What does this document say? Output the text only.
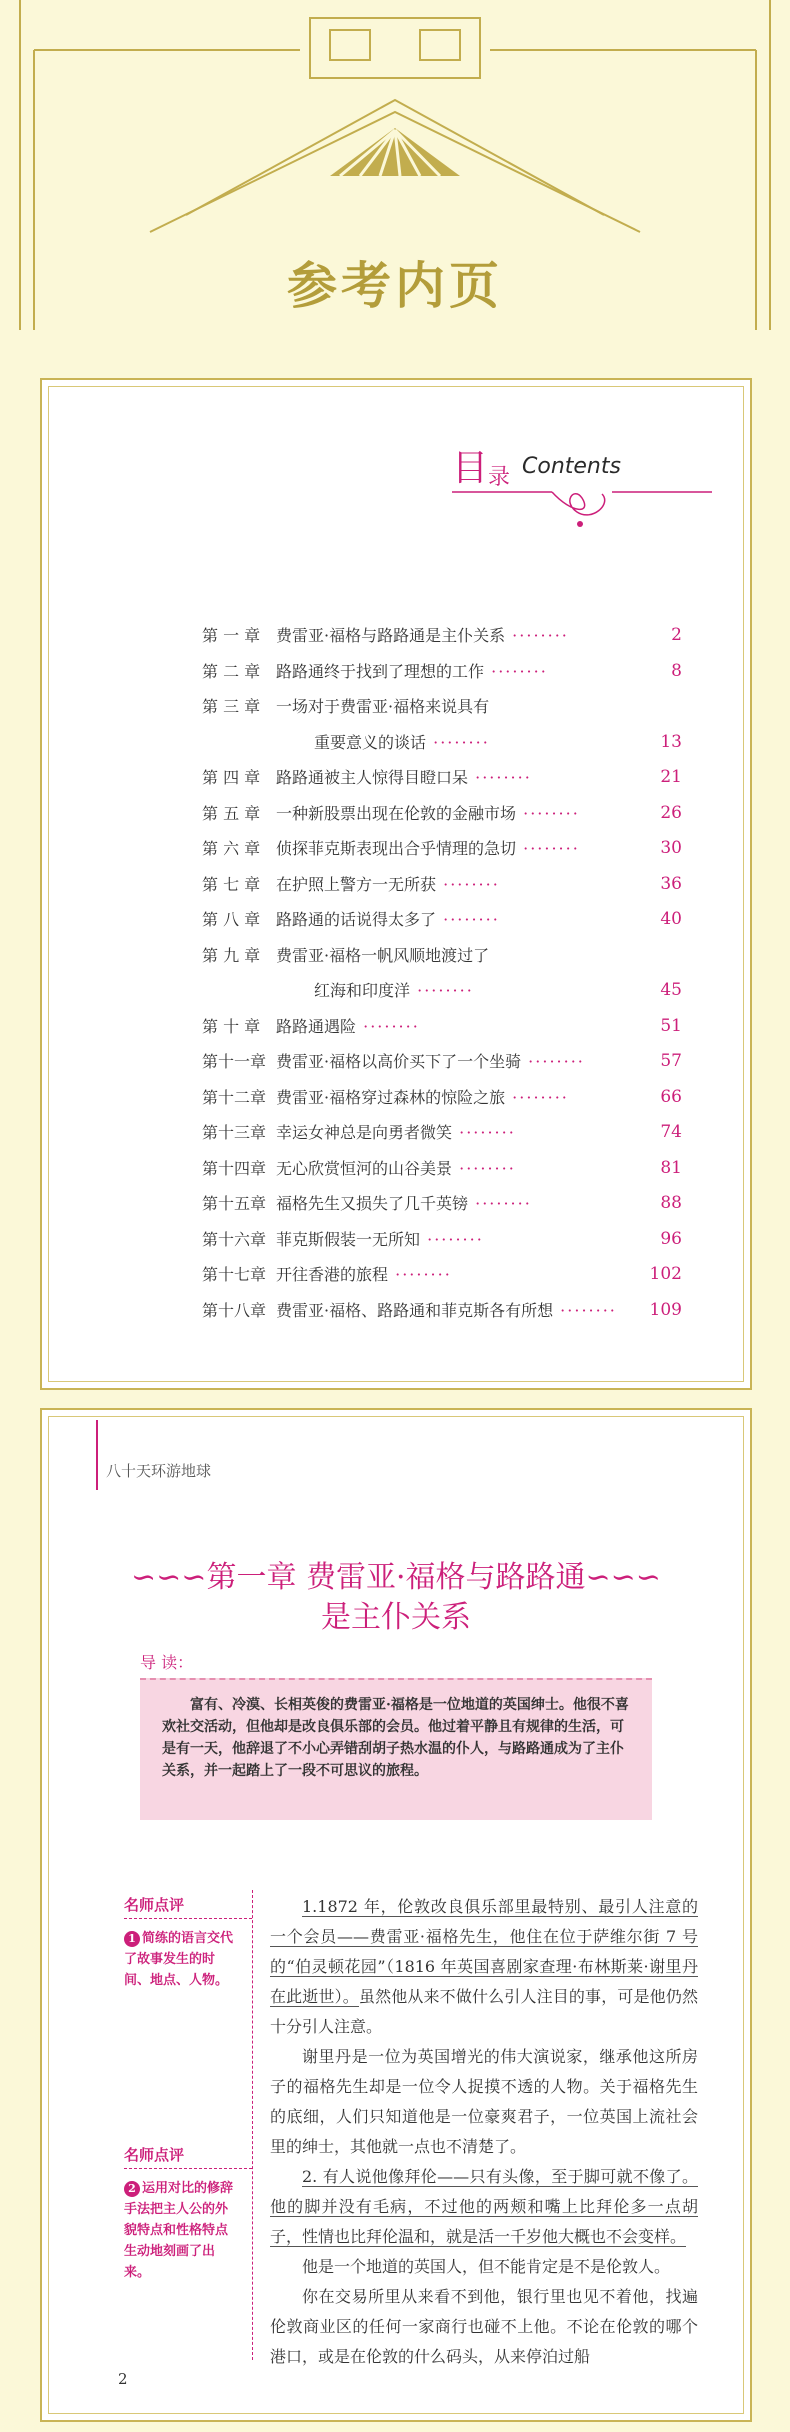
参考内页
目 录 Contents
第 一 章 费雷亚·福格与路路通是主仆关系 ········	2
第 二 章 路路通终于找到了理想的工作 ········	8
第 三 章 一场对于费雷亚·福格来说具有
重要意义的谈话 ········	13
第 四 章 路路通被主人惊得目瞪口呆 ········	21
第 五 章 一种新股票出现在伦敦的金融市场 ········	26
第 六 章 侦探菲克斯表现出合乎情理的急切 ········	30
第 七 章 在护照上警方一无所获 ········	36
第 八 章 路路通的话说得太多了 ········	40
第 九 章 费雷亚·福格一帆风顺地渡过了
红海和印度洋 ········	45
第 十 章 路路通遇险 ········	51
第十一章 费雷亚·福格以高价买下了一个坐骑 ········	57
第十二章 费雷亚·福格穿过森林的惊险之旅 ········	66
第十三章 幸运女神总是向勇者微笑 ········	74
第十四章 无心欣赏恒河的山谷美景 ········	81
第十五章 福格先生又损失了几千英镑 ········	88
第十六章 菲克斯假装一无所知 ········	96
第十七章 开往香港的旅程 ········	102
第十八章 费雷亚·福格、路路通和菲克斯各有所想 ········ 109
八十天环游地球
∽∽∽第一章 费雷亚·福格与路路通∽∽∽
是主仆关系
导 读：
富有、冷漠、长相英俊的费雷亚·福格是一位地道的英国绅士。他很不喜欢社交活动，但他却是改良俱乐部的会员。他过着平静且有规律的生活，可是有一天，他辞退了不小心弄错刮胡子热水温的仆人，与路路通成为了主仆关系，并一起踏上了一段不可思议的旅程。
名师点评
1 简练的语言交代了故事发生的时间、地点、人物。
名师点评
2 运用对比的修辞手法把主人公的外貌特点和性格特点生动地刻画了出来。

1.1872 年，伦敦改良俱乐部里最特别、最引人注意的一个会员——费雷亚·福格先生，他住在位于萨维尔街 7 号的“伯灵顿花园”（1816 年英国喜剧家查理·布林斯莱·谢里丹在此逝世）。虽然他从来不做什么引人注目的事，可是他仍然十分引人注意。

谢里丹是一位为英国增光的伟大演说家，继承他这所房子的福格先生却是一位令人捉摸不透的人物。关于福格先生的底细，人们只知道他是一位豪爽君子，一位英国上流社会里的绅士，其他就一点也不清楚了。

2. 有人说他像拜伦——只有头像，至于脚可就不像了。他的脚并没有毛病，不过他的两颊和嘴上比拜伦多一点胡子，性情也比拜伦温和，就是活一千岁他大概也不会变样。

他是一个地道的英国人，但不能肯定是不是伦敦人。

你在交易所里从来看不到他，银行里也见不着他，找遍伦敦商业区的任何一家商行也碰不上他。不论在伦敦的哪个港口，或是在伦敦的什么码头，从来停泊过船

2
